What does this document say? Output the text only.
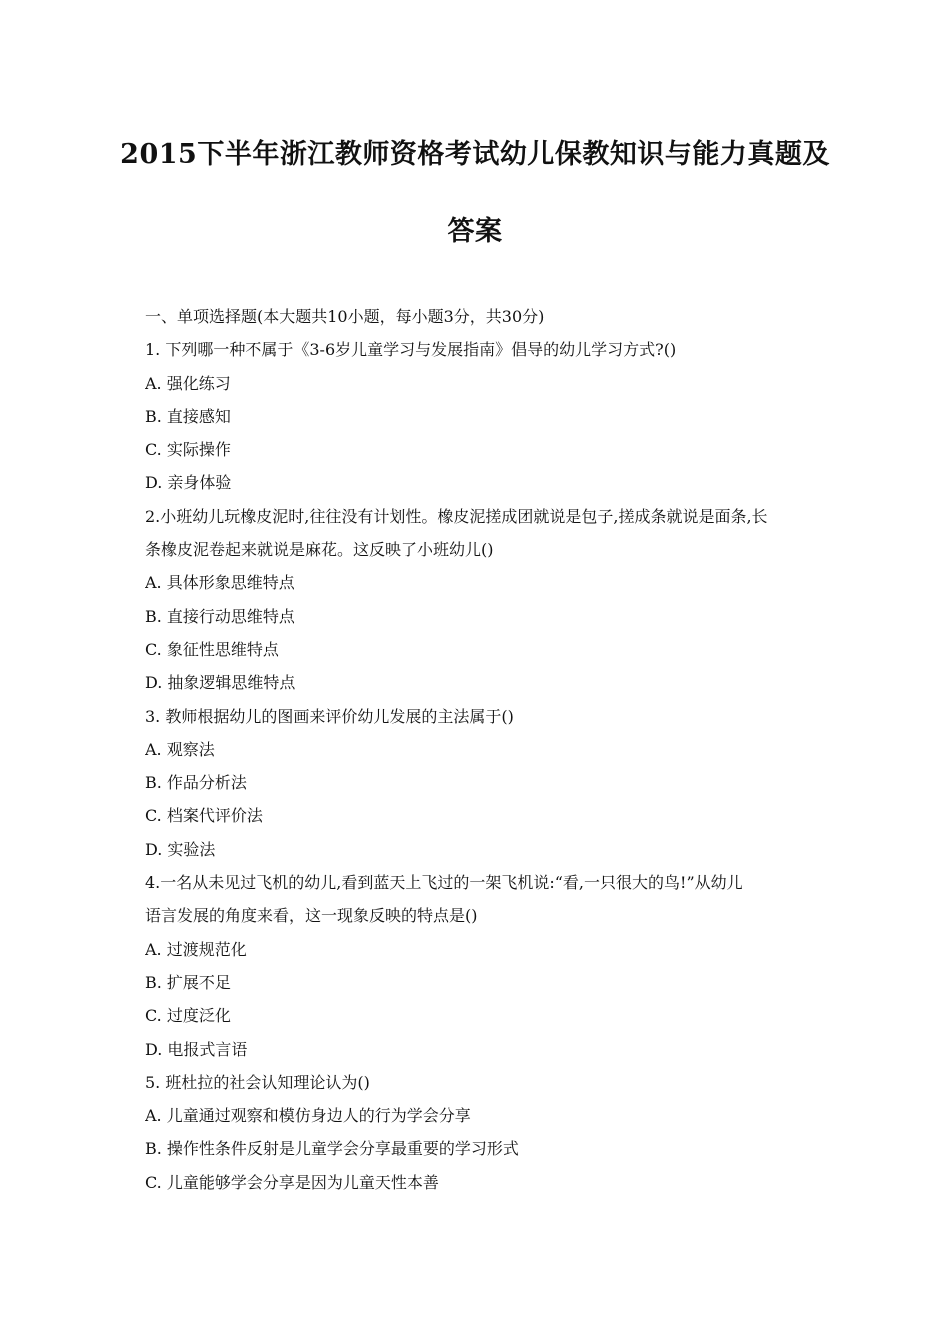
2015下半年浙江教师资格考试幼儿保教知识与能力真题及
答案
一、单项选择题(本大题共10小题，每小题3分，共30分)
1. 下列哪一种不属于《3-6岁儿童学习与发展指南》倡导的幼儿学习方式?()
A. 强化练习
B. 直接感知
C. 实际操作
D. 亲身体验
2.小班幼儿玩橡皮泥时,往往没有计划性。橡皮泥搓成团就说是包子,搓成条就说是面条,长
条橡皮泥卷起来就说是麻花。这反映了小班幼儿()
A. 具体形象思维特点
B. 直接行动思维特点
C. 象征性思维特点
D. 抽象逻辑思维特点
3. 教师根据幼儿的图画来评价幼儿发展的主法属于()
A. 观察法
B. 作品分析法
C. 档案代评价法
D. 实验法
4.一名从未见过飞机的幼儿,看到蓝天上飞过的一架飞机说:“看,一只很大的鸟!”从幼儿
语言发展的角度来看，这一现象反映的特点是()
A. 过渡规范化
B. 扩展不足
C. 过度泛化
D. 电报式言语
5. 班杜拉的社会认知理论认为()
A. 儿童通过观察和模仿身边人的行为学会分享
B. 操作性条件反射是儿童学会分享最重要的学习形式
C. 儿童能够学会分享是因为儿童天性本善
